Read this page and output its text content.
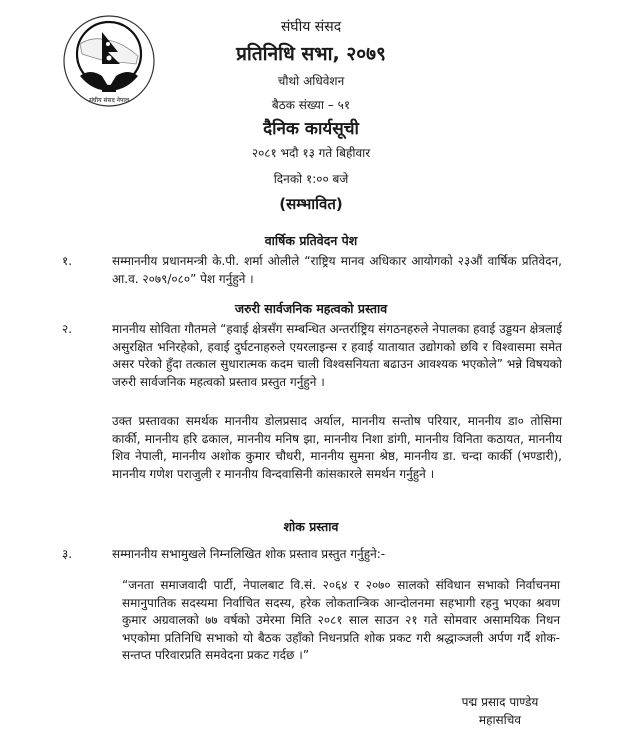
संघीय संसद नेपाल
संघीय संसद
प्रतिनिधि सभा, २०७९
चौथो अधिवेशन
बैठक संख्या – ५१
दैनिक कार्यसूची
२०८१ भदौ १३ गते बिहीवार
दिनको १:०० बजे
(सम्भावित)
वार्षिक प्रतिवेदन पेश
१.	सम्माननीय प्रधानमन्त्री के.पी. शर्मा ओलीले “राष्ट्रिय मानव अधिकार आयोगको २३औं वार्षिक प्रतिवेदन, आ.व. २०७९/०८०” पेश गर्नुहुने ।
जरुरी सार्वजनिक महत्वको प्रस्ताव
२.	माननीय सोविता गौतमले “हवाई क्षेत्रसँग सम्बन्धित अन्तर्राष्ट्रिय संगठनहरुले नेपालका हवाई उड्डयन क्षेत्रलाई असुरक्षित भनिरहेको, हवाई दुर्घटनाहरुले एयरलाइन्स र हवाई यातायात उद्योगको छवि र विश्वासमा समेत असर परेको हुँदा तत्काल सुधारात्मक कदम चाली विश्वसनियता बढाउन आवश्यक भएकोले” भन्ने विषयको जरुरी सार्वजनिक महत्वको प्रस्ताव प्रस्तुत गर्नुहुने ।
उक्त प्रस्तावका समर्थक माननीय डोलप्रसाद अर्याल, माननीय सन्तोष परियार, माननीय डा० तोसिमा कार्की, माननीय हरि ढकाल, माननीय मनिष झा, माननीय निशा डांगी, माननीय विनिता कठायत, माननीय शिव नेपाली, माननीय अशोक कुमार चौधरी, माननीय सुमना श्रेष्ठ, माननीय डा. चन्दा कार्की (भण्डारी), माननीय गणेश पराजुली र माननीय विन्दवासिनी कांसकारले समर्थन गर्नुहुने ।
शोक प्रस्ताव
३.	सम्माननीय सभामुखले निम्नलिखित शोक प्रस्ताव प्रस्तुत गर्नुहुने:-
“जनता समाजवादी पार्टी, नेपालबाट वि.सं. २०६४ र २०७० सालको संविधान सभाको निर्वाचनमा समानुपातिक सदस्यमा निर्वाचित सदस्य, हरेक लोकतान्त्रिक आन्दोलनमा सहभागी रहनु भएका श्रवण कुमार अग्रवालको ७७ वर्षको उमेरमा मिति २०८१ साल साउन २१ गते सोमवार असामयिक निधन भएकोमा प्रतिनिधि सभाको यो बैठक उहाँको निधनप्रति शोक प्रकट गरी श्रद्धाञ्जली अर्पण गर्दै शोक-सन्तप्त परिवारप्रति समवेदना प्रकट गर्दछ ।”
पद्म प्रसाद पाण्डेय
महासचिव
